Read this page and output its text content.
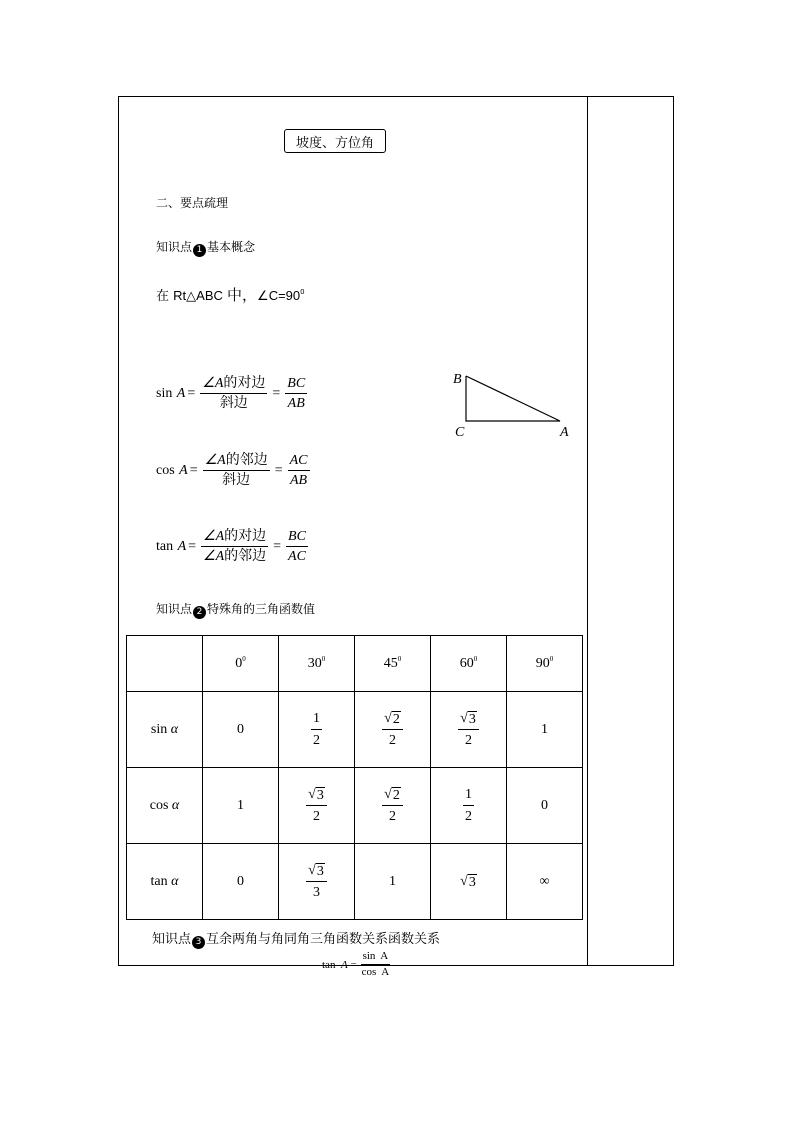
坡度、方位角
二、要点疏理
知识点 1 基本概念
在 Rt△ABC 中，$\angle C=90^0$
B
C	A
sin
$A = \frac{\text{∠A的对边}}{\text{斜边}} = \frac{BC}{AB}$
cos
$A = \frac{\text{∠A的邻边}}{\text{斜边}} = \frac{AC}{AB}$
tan
$A = \frac{\text{∠A的对边}}{\text{∠A的邻边}} = \frac{BC}{AC}$
知识点 2 特殊角的三角函数值
	$0^0$	$30^0$	$45^0$	$60^0$	$90^0$
sin α	0	$\frac{1}{2}$	$\frac{√ 2}{2}$	$\frac{√ 3}{2}$	1
cos α	1	$\frac{√ 3}{2}$	$\frac{√ 2}{2}$	$\frac{1}{2}$	0
tan α	0	$\frac{√ 3}{3}$	1	√ 3	∞
知识点 3 互余两角与角同角三角函数关系函数关系
tan
A
= $\frac{\text{sin  A}}{\text{cos  A}}$
